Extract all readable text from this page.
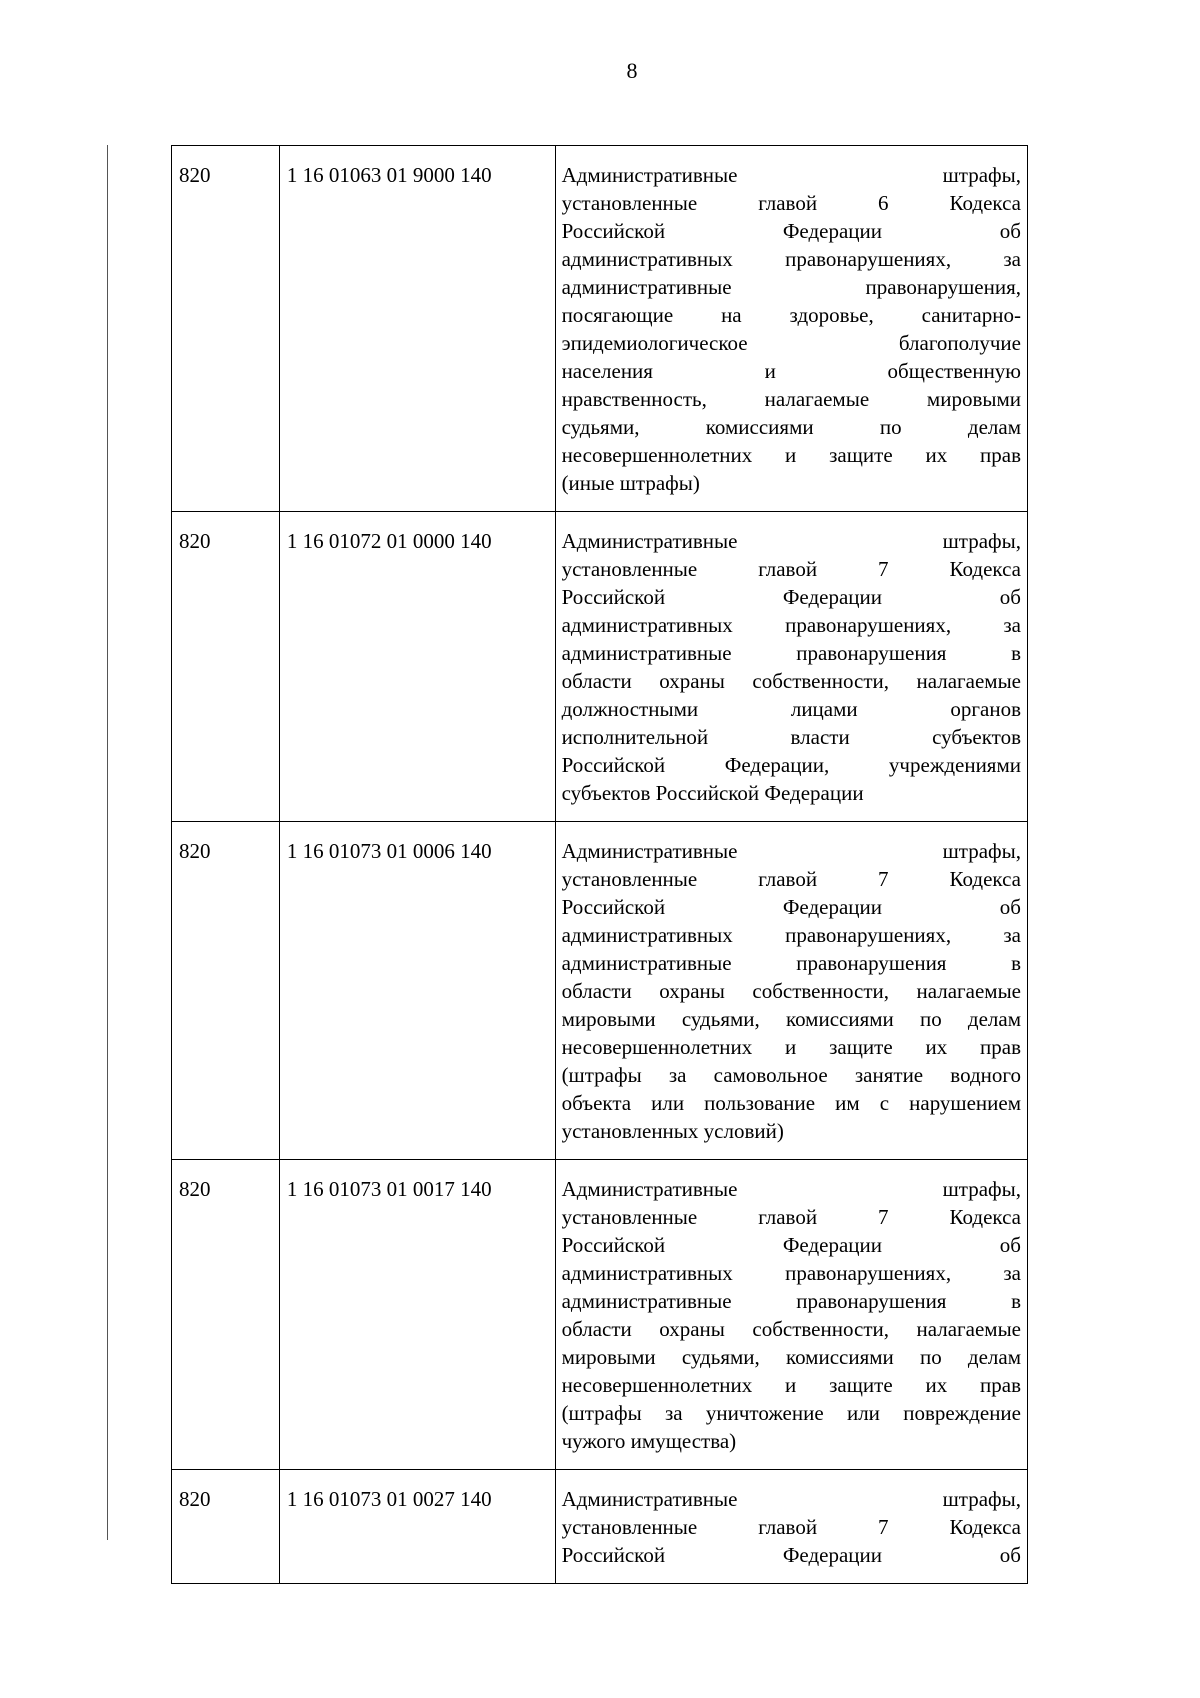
8
820	1 16 01063 01 9000 140	Административные штрафы,
установленные главой 6 Кодекса
Российской Федерации об
административных правонарушениях, за
административные правонарушения,
посягающие на здоровье, санитарно-
эпидемиологическое благополучие
населения и общественную
нравственность, налагаемые мировыми
судьями, комиссиями по делам
несовершеннолетних и защите их прав
(иные штрафы)
820	1 16 01072 01 0000 140	Административные штрафы,
установленные главой 7 Кодекса
Российской Федерации об
административных правонарушениях, за
административные правонарушения в
области охраны собственности, налагаемые
должностными лицами органов
исполнительной власти субъектов
Российской Федерации, учреждениями
субъектов Российской Федерации
820	1 16 01073 01 0006 140	Административные штрафы,
установленные главой 7 Кодекса
Российской Федерации об
административных правонарушениях, за
административные правонарушения в
области охраны собственности, налагаемые
мировыми судьями, комиссиями по делам
несовершеннолетних и защите их прав
(штрафы за самовольное занятие водного
объекта или пользование им с нарушением
установленных условий)
820	1 16 01073 01 0017 140	Административные штрафы,
установленные главой 7 Кодекса
Российской Федерации об
административных правонарушениях, за
административные правонарушения в
области охраны собственности, налагаемые
мировыми судьями, комиссиями по делам
несовершеннолетних и защите их прав
(штрафы за уничтожение или повреждение
чужого имущества)
820	1 16 01073 01 0027 140	Административные штрафы,
установленные главой 7 Кодекса
Российской Федерации об
